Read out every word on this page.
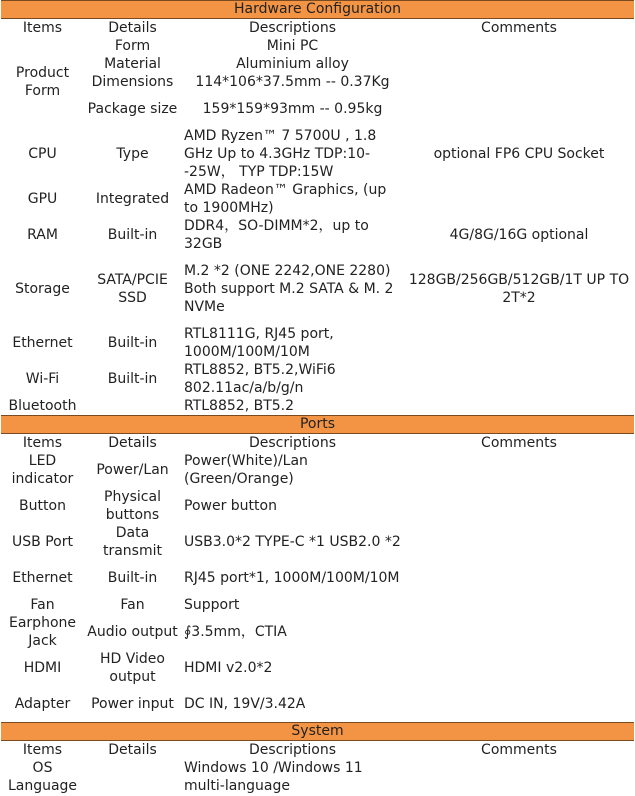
Hardware Configuration			
Items	Details	Descriptions	Comments
Product Form	Form	Mini PC	
	Material	Aluminium alloy	
	Dimensions	114*106*37.5mm -- 0.37Kg	
	Package size	159*159*93mm -- 0.95kg	
CPU	Type	AMD Ryzen™ 7 5700U , 1.8 GHz Up to 4.3GHz TDP:10--25W， TYP TDP:15W	optional FP6 CPU Socket
GPU	Integrated	AMD Radeon™ Graphics, (up to 1900MHz)	
RAM	Built-in	DDR4，SO-DIMM*2，up to 32GB	4G/8G/16G optional
Storage	SATA/PCIE SSD	M.2 *2 (ONE 2242,ONE 2280) Both support M.2 SATA & M. 2 NVMe	128GB/256GB/512GB/1T UP TO 2T*2
Ethernet	Built-in	RTL8111G, RJ45 port, 1000M/100M/10M	
Wi-Fi	Built-in	RTL8852, BT5.2,WiFi6 802.11ac/a/b/g/n	
Bluetooth		RTL8852, BT5.2	
Ports			
Items	Details	Descriptions	Comments
LED indicator	Power/Lan	Power(White)/Lan (Green/Orange)	
Button	Physical buttons	Power button	
USB Port	Data transmit	USB3.0*2 TYPE-C *1 USB2.0 *2	
Ethernet	Built-in	RJ45 port*1, 1000M/100M/10M	
Fan	Fan	Support	
Earphone Jack	Audio output	∮3.5mm，CTIA	
HDMI	HD Video output	HDMI v2.0*2	
Adapter	Power input	DC IN, 19V/3.42A	
System			
Items	Details	Descriptions	Comments
OS		Windows 10 /Windows 11	
Language		multi-language	
